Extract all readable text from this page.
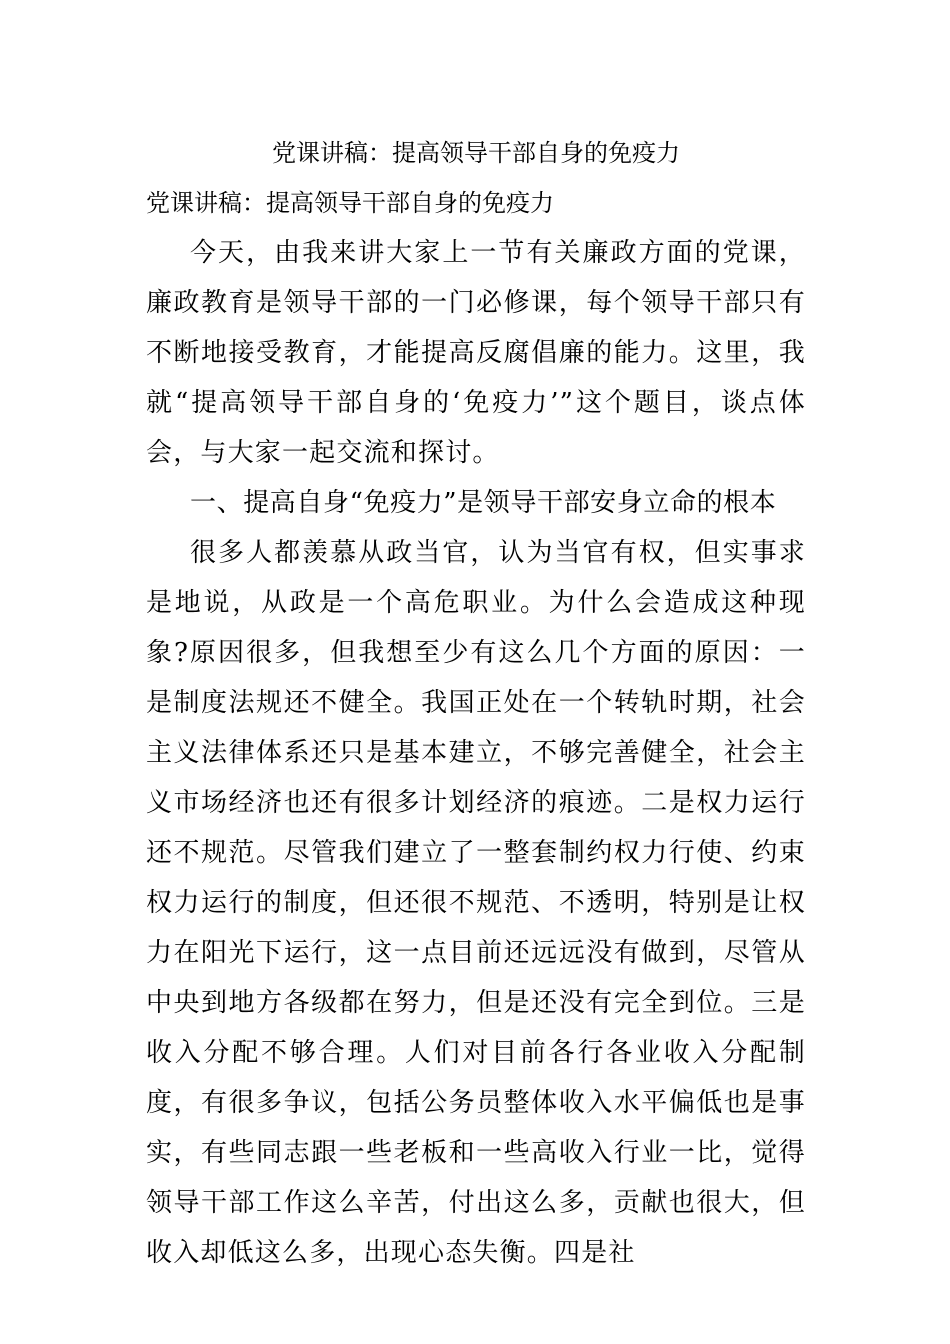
党课讲稿：提高领导干部自身的免疫力

党课讲稿：提高领导干部自身的免疫力

今天，由我来讲大家上一节有关廉政方面的党课，廉政教育是领导干部的一门必修课，每个领导干部只有不断地接受教育，才能提高反腐倡廉的能力。这里，我就“提高领导干部自身的‘免疫力’”这个题目，谈点体会，与大家一起交流和探讨。

一、提高自身“免疫力”是领导干部安身立命的根本

很多人都羡慕从政当官，认为当官有权，但实事求是地说，从政是一个高危职业。为什么会造成这种现象?原因很多，但我想至少有这么几个方面的原因：一是制度法规还不健全。我国正处在一个转轨时期，社会主义法律体系还只是基本建立，不够完善健全，社会主义市场经济也还有很多计划经济的痕迹。二是权力运行还不规范。尽管我们建立了一整套制约权力行使、约束权力运行的制度，但还很不规范、不透明，特别是让权力在阳光下运行，这一点目前还远远没有做到，尽管从中央到地方各级都在努力，但是还没有完全到位。三是收入分配不够合理。人们对目前各行各业收入分配制度，有很多争议，包括公务员整体收入水平偏低也是事实，有些同志跟一些老板和一些高收入行业一比，觉得领导干部工作这么辛苦，付出这么多，贡献也很大，但收入却低这么多，出现心态失衡。四是社
